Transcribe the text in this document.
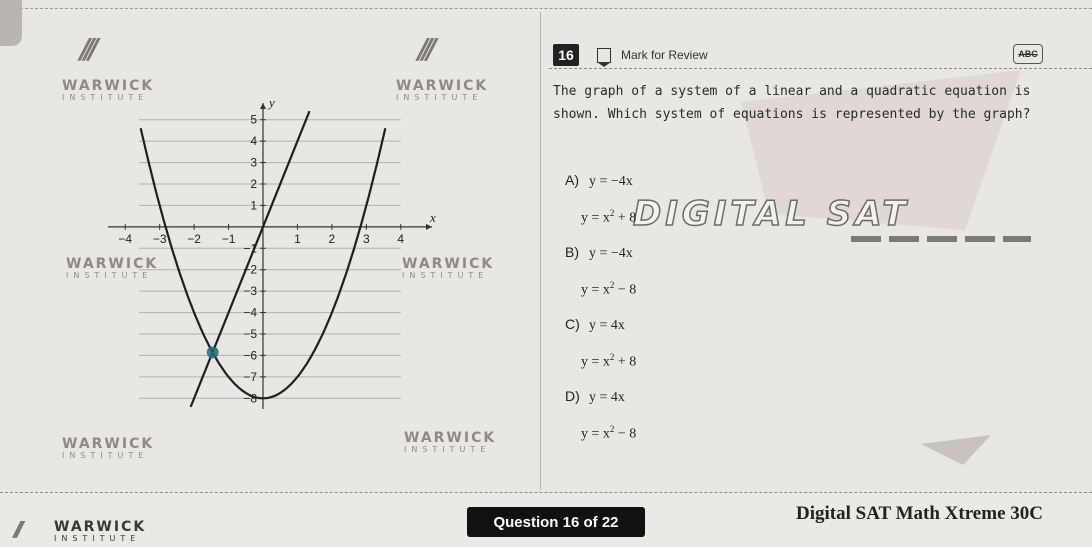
///	///
WARWICK
INSTITUTE
WARWICK
INSTITUTE
WARWICK
INSTITUTE
WARWICK
INSTITUTE
WARWICK
INSTITUTE
WARWICK
INSTITUTE
x
y
−4 −3 −2 −1	1 2 3 4
5
4
3
2
1
−1
−2
−3
−4
−5
−6
−7
−8
16	Mark for Review	ABC
The graph of a system of a linear and a quadratic equation is
shown. Which system of equations is represented by the graph?
DIGITAL SAT
A) y = −4x
$y = x^2 + 8$
B) y = −4x
$y = x^2 - 8$
C) y = 4x
$y = x^2 + 8$
D) y = 4x
$y = x^2 - 8$
///	WARWICK
INSTITUTE
Question 16 of 22	Digital SAT Math Xtreme 30C
